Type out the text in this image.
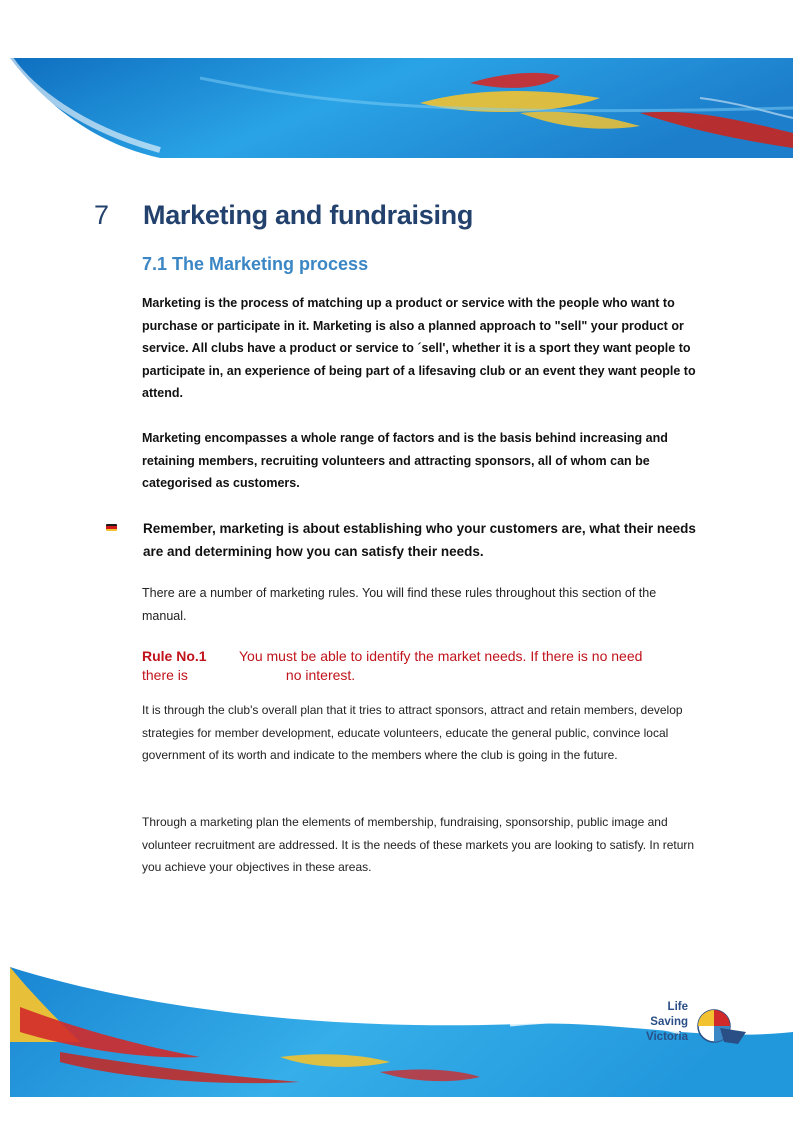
7	Marketing and fundraising
7.1 The Marketing process
Marketing is the process of matching up a product or service with the people who want to purchase or participate in it. Marketing is also a planned approach to "sell" your product or service. All clubs have a product or service to ´sell', whether it is a sport they want people to participate in, an experience of being part of a lifesaving club or an event they want people to attend.
Marketing encompasses a whole range of factors and is the basis behind increasing and retaining members, recruiting volunteers and attracting sponsors, all of whom can be categorised as customers.
Remember, marketing is about establishing who your customers are, what their needs are and determining how you can satisfy their needs.
There are a number of marketing rules. You will find these rules throughout this section of the manual.
Rule No.1 You must be able to identify the market needs. If there is no need
there is	no interest.
It is through the club's overall plan that it tries to attract sponsors, attract and retain members, develop strategies for member development, educate volunteers, educate the general public, convince local government of its worth and indicate to the members where the club is going in the future.
Through a marketing plan the elements of membership, fundraising, sponsorship, public image and volunteer recruitment are addressed. It is the needs of these markets you are looking to satisfy. In return you achieve your objectives in these areas.
Life
Saving
Victoria
